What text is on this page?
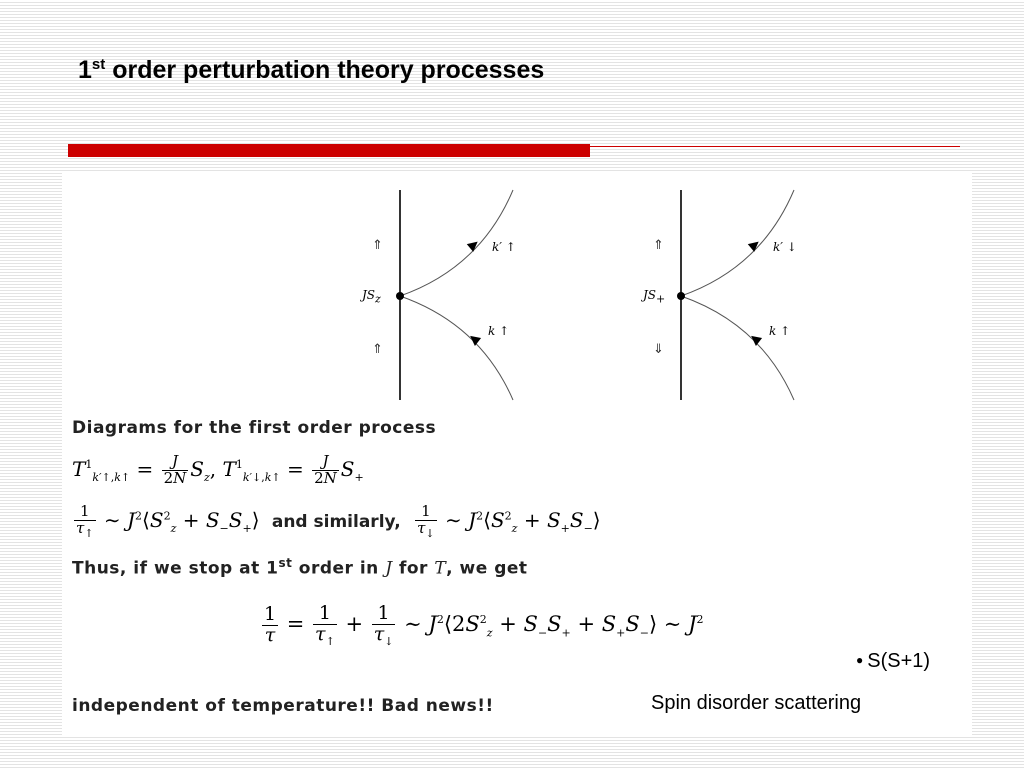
1st order perturbation theory processes
⇑
$JS_z$
⇑
k′ ↑
k ↑
⇑
$JS_+$
⇓
k′ ↓
k ↑

Diagrams for the first order process

$T^1_{k'↑,k↑} = \frac{J}{2N} S_z$, $T^1_{k'↓,k↑} = \frac{J}{2N} S_+$
$\frac{1}{\tau_↑}$ ∼ $J^2⟨S^2_z$ + $S_-S_+⟩$ and similarly, $\frac{1}{\tau_↓}$ ∼ $J^2⟨S^2_z$ + $S_+S_-⟩$

Thus, if we stop at 1st order in J for T, we get

$\frac{1}{\tau} = \frac{1}{\tau_↑} + \frac{1}{\tau_↓}$ ∼ $J^2⟨2S^2_z + S_-S_+$ + $S_+S_-⟩$ ∼ $J^2$

independent of temperature!! Bad news!!

● S(S+1)
Spin disorder scattering
